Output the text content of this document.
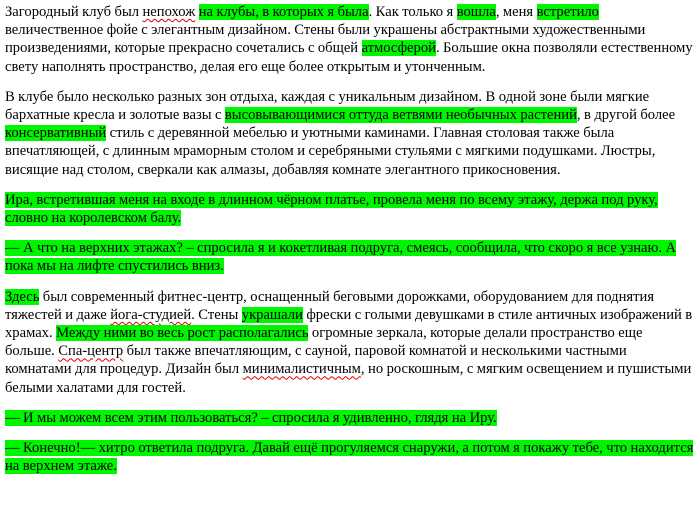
Загородный клуб был непохож на клубы, в которых я была. Как только я вошла, меня встретило величественное фойе с элегантным дизайном. Стены были украшены абстрактными художественными произведениями, которые прекрасно сочетались с общей атмосферой. Большие окна позволяли естественному свету наполнять пространство, делая его еще более открытым и утонченным.

В клубе было несколько разных зон отдыха, каждая с уникальным дизайном. В одной зоне были мягкие бархатные кресла и золотые вазы с высовывающимися оттуда ветвями необычных растений, в другой более консервативный стиль с деревянной мебелью и уютными каминами. Главная столовая также была впечатляющей, с длинным мраморным столом и серебряными стульями с мягкими подушками. Люстры, висящие над столом, сверкали как алмазы, добавляя комнате элегантного прикосновения.

Ира, встретившая меня на входе в длинном чёрном платье, провела меня по всему этажу, держа под руку, словно на королевском балу.

— А что на верхних этажах? – спросила я и кокетливая подруга, смеясь, сообщила, что скоро я все узнаю. А пока мы на лифте спустились вниз.

Здесь был современный фитнес-центр, оснащенный беговыми дорожками, оборудованием для поднятия тяжестей и даже йога-студией. Стены украшали фрески с голыми девушками в стиле античных изображений в храмах. Между ними во весь рост располагались огромные зеркала, которые делали пространство еще больше. Спа-центр был также впечатляющим, с сауной, паровой комнатой и несколькими частными комнатами для процедур. Дизайн был минималистичным, но роскошным, с мягким освещением и пушистыми белыми халатами для гостей.

— И мы можем всем этим пользоваться? – спросила я удивленно, глядя на Иру.

— Конечно!— хитро ответила подруга. Давай ещё прогуляемся снаружи, а потом я покажу тебе, что находится на верхнем этаже.
